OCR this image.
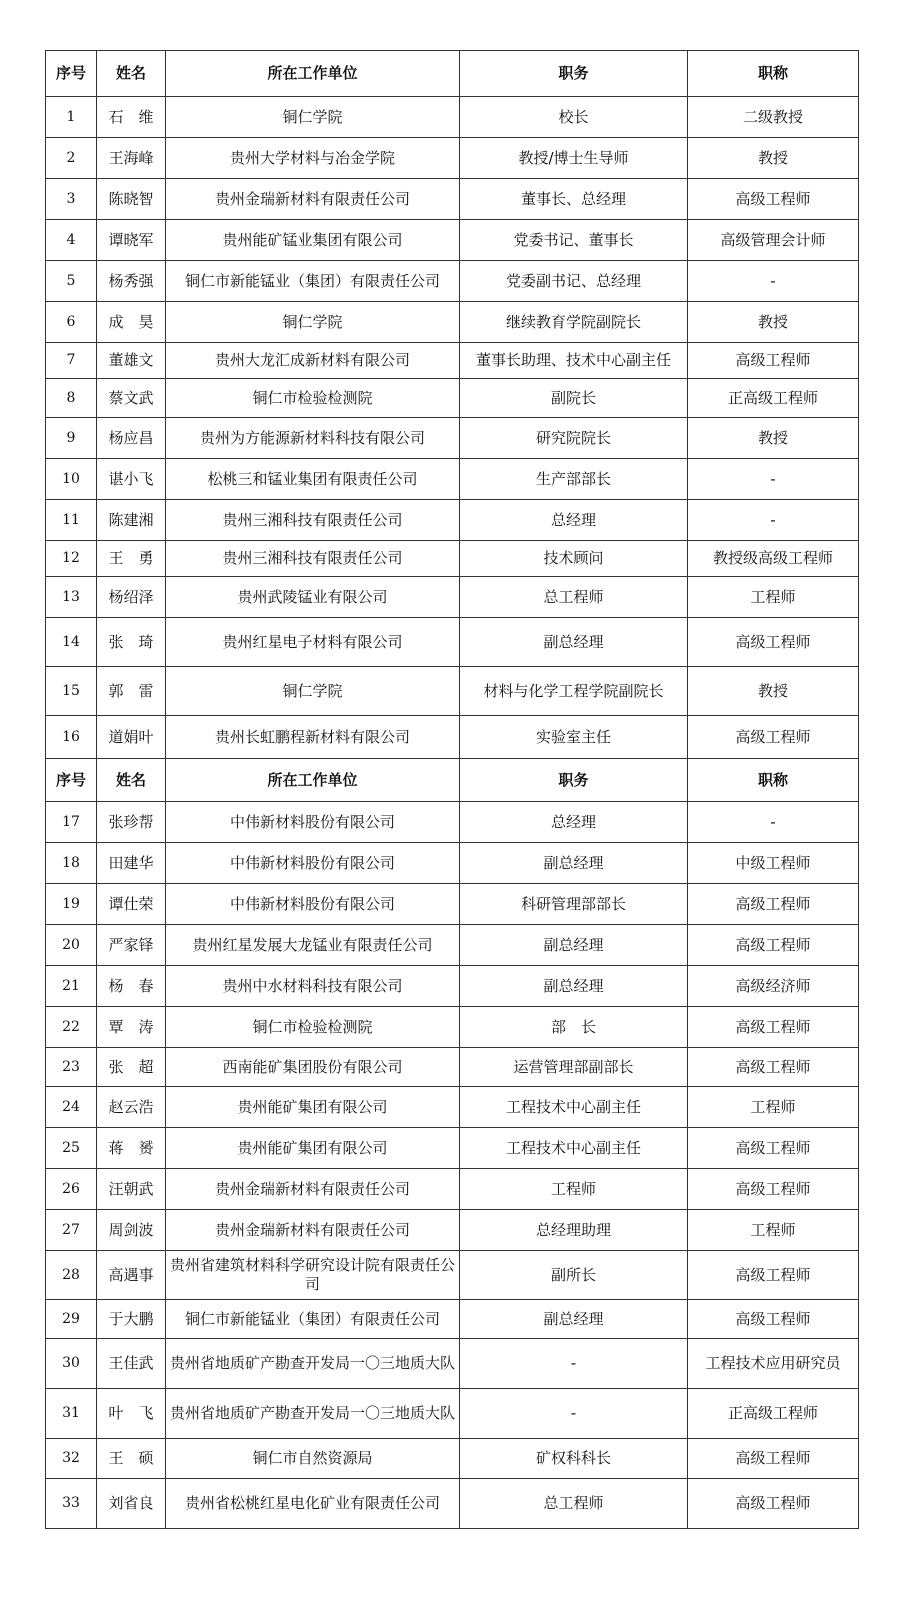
序号	姓名	所在工作单位	职务	职称
1	石　维	铜仁学院	校长	二级教授
2	王海峰	贵州大学材料与冶金学院	教授/博士生导师	教授
3	陈晓智	贵州金瑞新材料有限责任公司	董事长、总经理	高级工程师
4	谭晓军	贵州能矿锰业集团有限公司	党委书记、董事长	高级管理会计师
5	杨秀强	铜仁市新能锰业（集团）有限责任公司	党委副书记、总经理	-
6	成　昊	铜仁学院	继续教育学院副院长	教授
7	董雄文	贵州大龙汇成新材料有限公司	董事长助理、技术中心副主任	高级工程师
8	蔡文武	铜仁市检验检测院	副院长	正高级工程师
9	杨应昌	贵州为方能源新材料科技有限公司	研究院院长	教授
10	谌小飞	松桃三和锰业集团有限责任公司	生产部部长	-
11	陈建湘	贵州三湘科技有限责任公司	总经理	-
12	王　勇	贵州三湘科技有限责任公司	技术顾问	教授级高级工程师
13	杨绍泽	贵州武陵锰业有限公司	总工程师	工程师
14	张　琦	贵州红星电子材料有限公司	副总经理	高级工程师
15	郭　雷	铜仁学院	材料与化学工程学院副院长	教授
16	道娟叶	贵州长虹鹏程新材料有限公司	实验室主任	高级工程师
序号	姓名	所在工作单位	职务	职称
17	张珍帮	中伟新材料股份有限公司	总经理	-
18	田建华	中伟新材料股份有限公司	副总经理	中级工程师
19	谭仕荣	中伟新材料股份有限公司	科研管理部部长	高级工程师
20	严家铎	贵州红星发展大龙锰业有限责任公司	副总经理	高级工程师
21	杨　春	贵州中水材料科技有限公司	副总经理	高级经济师
22	覃　涛	铜仁市检验检测院	部　长	高级工程师
23	张　超	西南能矿集团股份有限公司	运营管理部副部长	高级工程师
24	赵云浩	贵州能矿集团有限公司	工程技术中心副主任	工程师
25	蒋　赟	贵州能矿集团有限公司	工程技术中心副主任	高级工程师
26	汪朝武	贵州金瑞新材料有限责任公司	工程师	高级工程师
27	周剑波	贵州金瑞新材料有限责任公司	总经理助理	工程师
28	高遇事	贵州省建筑材料科学研究设计院有限责任公司	副所长	高级工程师
29	于大鹏	铜仁市新能锰业（集团）有限责任公司	副总经理	高级工程师
30	王佳武	贵州省地质矿产勘查开发局一〇三地质大队	-	工程技术应用研究员
31	叶　飞	贵州省地质矿产勘查开发局一〇三地质大队	-	正高级工程师
32	王　硕	铜仁市自然资源局	矿权科科长	高级工程师
33	刘省良	贵州省松桃红星电化矿业有限责任公司	总工程师	高级工程师
